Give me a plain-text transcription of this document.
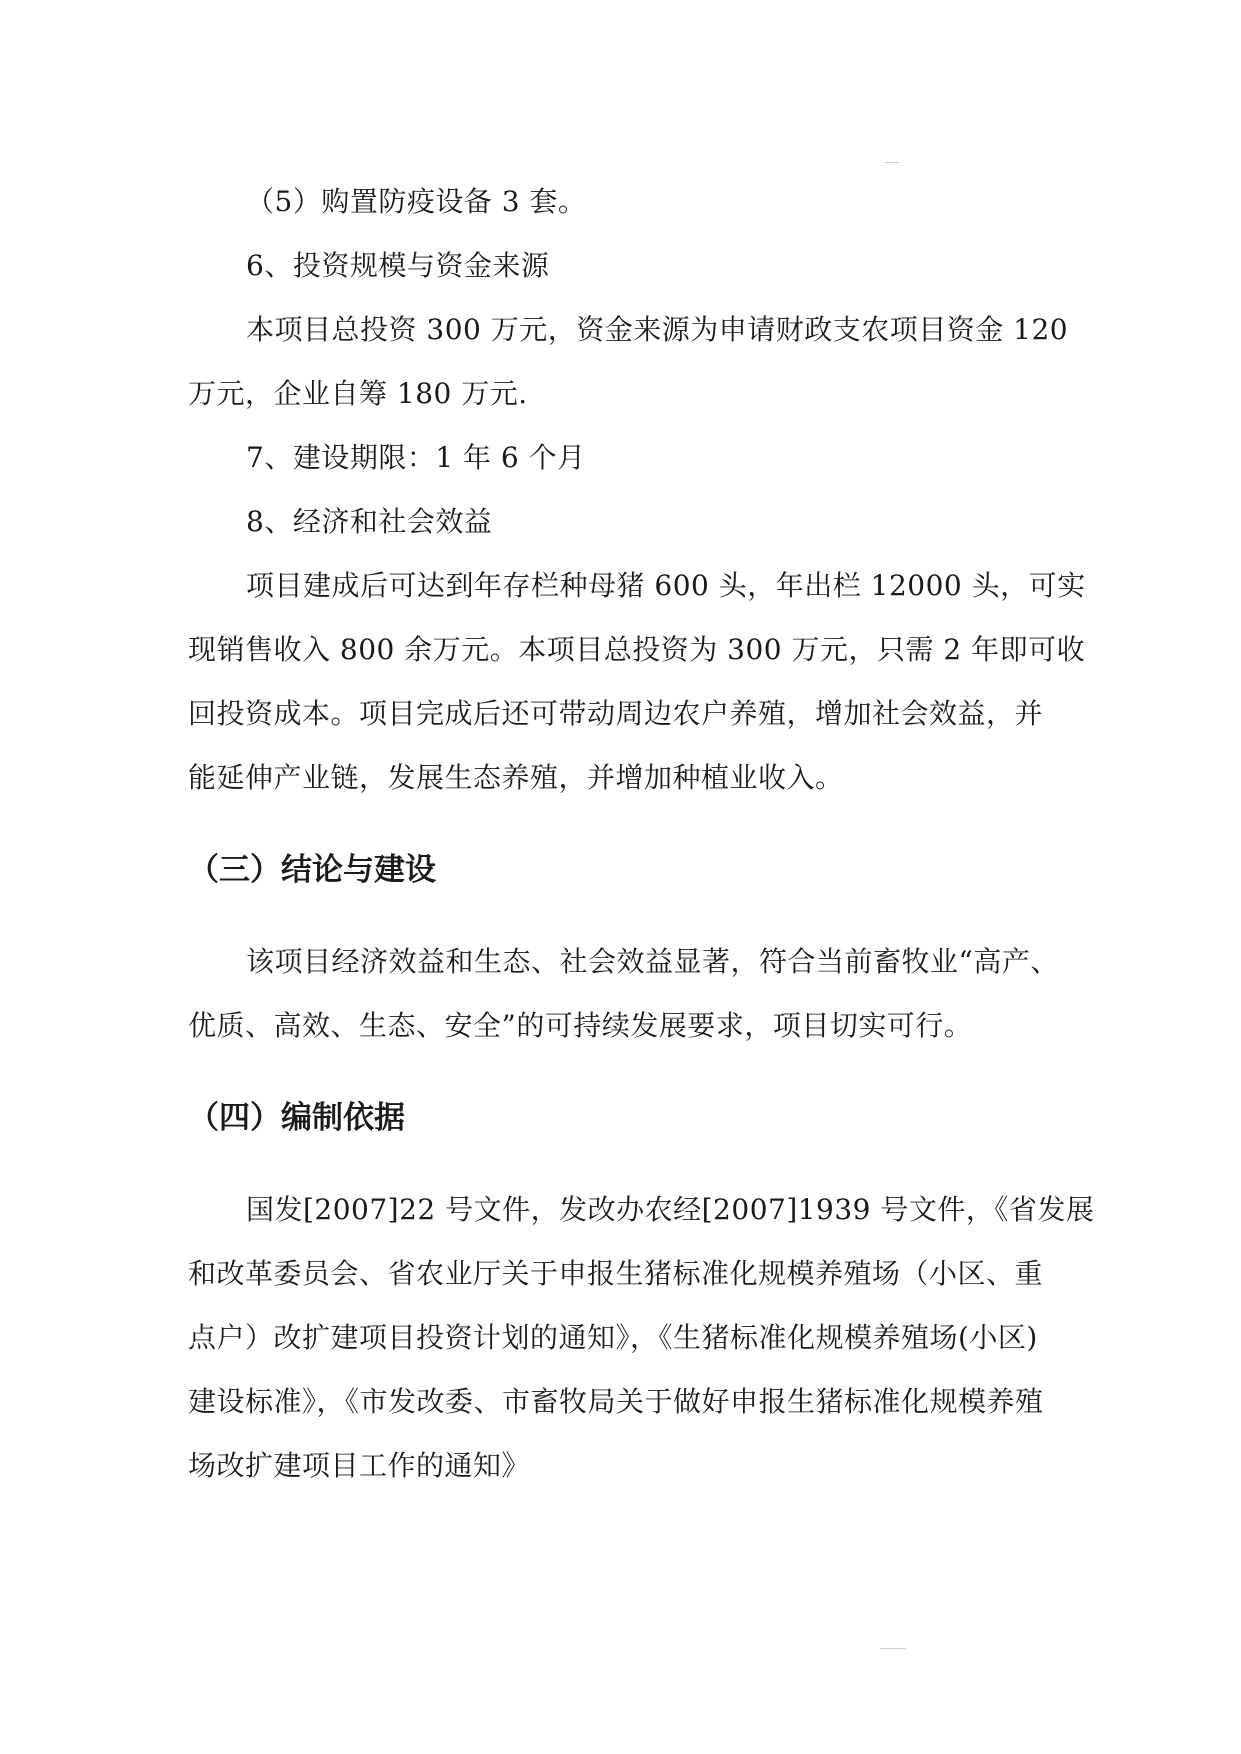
（5）购置防疫设备 3 套。
6、投资规模与资金来源
本项目总投资 300 万元，资金来源为申请财政支农项目资金 120
万元，企业自筹 180 万元.
7、建设期限：1 年 6 个月
8、经济和社会效益
项目建成后可达到年存栏种母猪 600 头，年出栏 12000 头，可实
现销售收入 800 余万元。本项目总投资为 300 万元，只需 2 年即可收
回投资成本。项目完成后还可带动周边农户养殖，增加社会效益，并
能延伸产业链，发展生态养殖，并增加种植业收入。
（三）结论与建设
该项目经济效益和生态、社会效益显著，符合当前畜牧业“高产、
优质、高效、生态、安全”的可持续发展要求，项目切实可行。
（四）编制依据
国发[2007]22 号文件，发改办农经[2007]1939 号文件，《省发展
和改革委员会、省农业厅关于申报生猪标准化规模养殖场（小区、重
点户）改扩建项目投资计划的通知》，《生猪标准化规模养殖场(小区)
建设标准》，《市发改委、市畜牧局关于做好申报生猪标准化规模养殖
场改扩建项目工作的通知》
